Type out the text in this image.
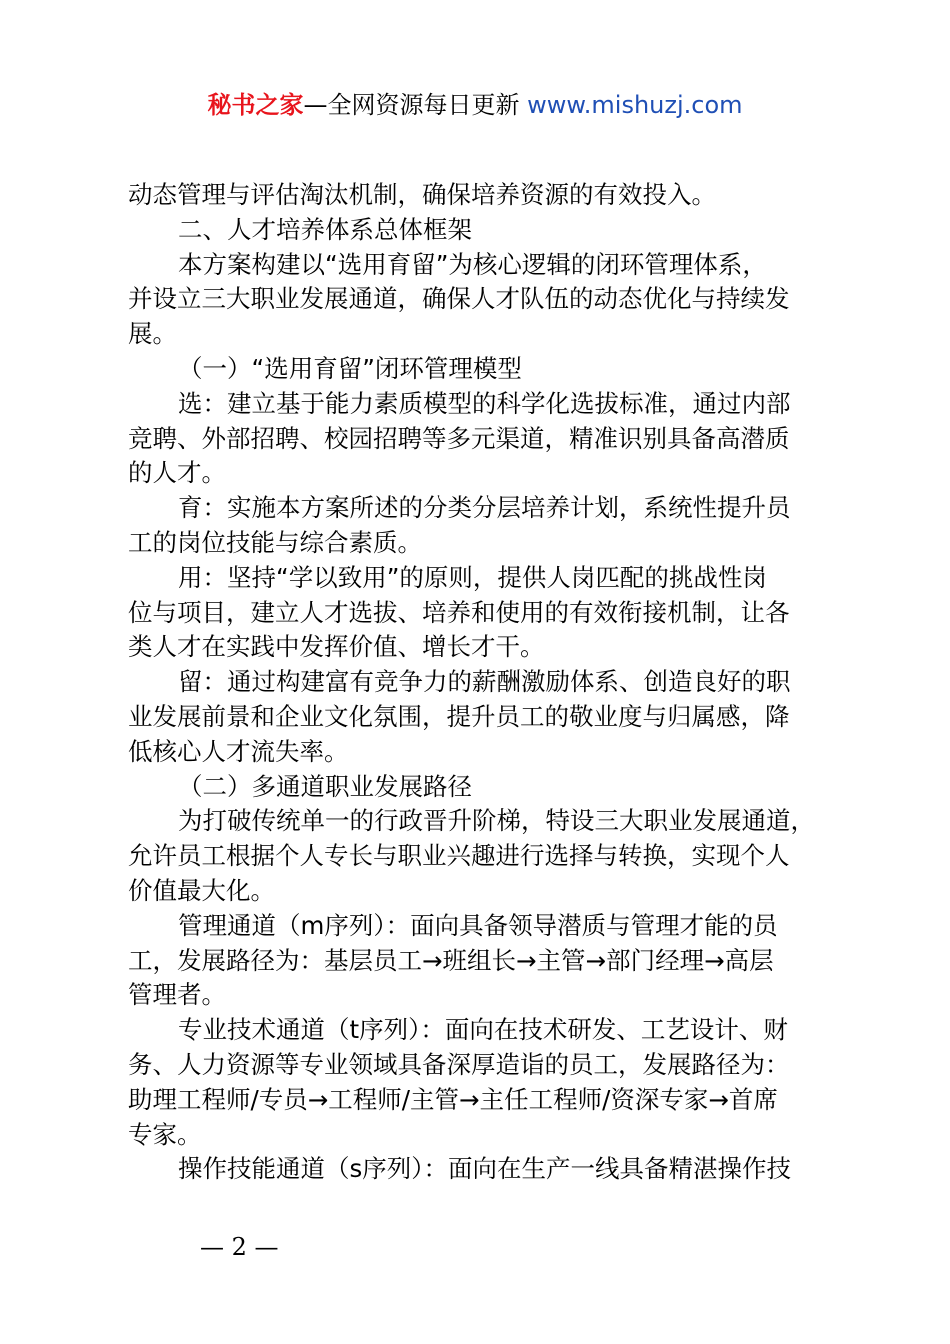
秘书之家—全网资源每日更新 www.mishuzj.com
动态管理与评估淘汰机制，确保培养资源的有效投入。
二、人才培养体系总体框架
本方案构建以“选用育留”为核心逻辑的闭环管理体系，
并设立三大职业发展通道，确保人才队伍的动态优化与持续发
展。
（一）“选用育留”闭环管理模型
选：建立基于能力素质模型的科学化选拔标准，通过内部
竞聘、外部招聘、校园招聘等多元渠道，精准识别具备高潜质
的人才。
育：实施本方案所述的分类分层培养计划，系统性提升员
工的岗位技能与综合素质。
用：坚持“学以致用”的原则，提供人岗匹配的挑战性岗
位与项目，建立人才选拔、培养和使用的有效衔接机制，让各
类人才在实践中发挥价值、增长才干。
留：通过构建富有竞争力的薪酬激励体系、创造良好的职
业发展前景和企业文化氛围，提升员工的敬业度与归属感，降
低核心人才流失率。
（二）多通道职业发展路径
为打破传统单一的行政晋升阶梯，特设三大职业发展通道，
允许员工根据个人专长与职业兴趣进行选择与转换，实现个人
价值最大化。
管理通道（m序列）：面向具备领导潜质与管理才能的员
工，发展路径为：基层员工→班组长→主管→部门经理→高层
管理者。
专业技术通道（t序列）：面向在技术研发、工艺设计、财
务、人力资源等专业领域具备深厚造诣的员工，发展路径为：
助理工程师/专员→工程师/主管→主任工程师/资深专家→首席
专家。
操作技能通道（s序列）：面向在生产一线具备精湛操作技
— 2 —
